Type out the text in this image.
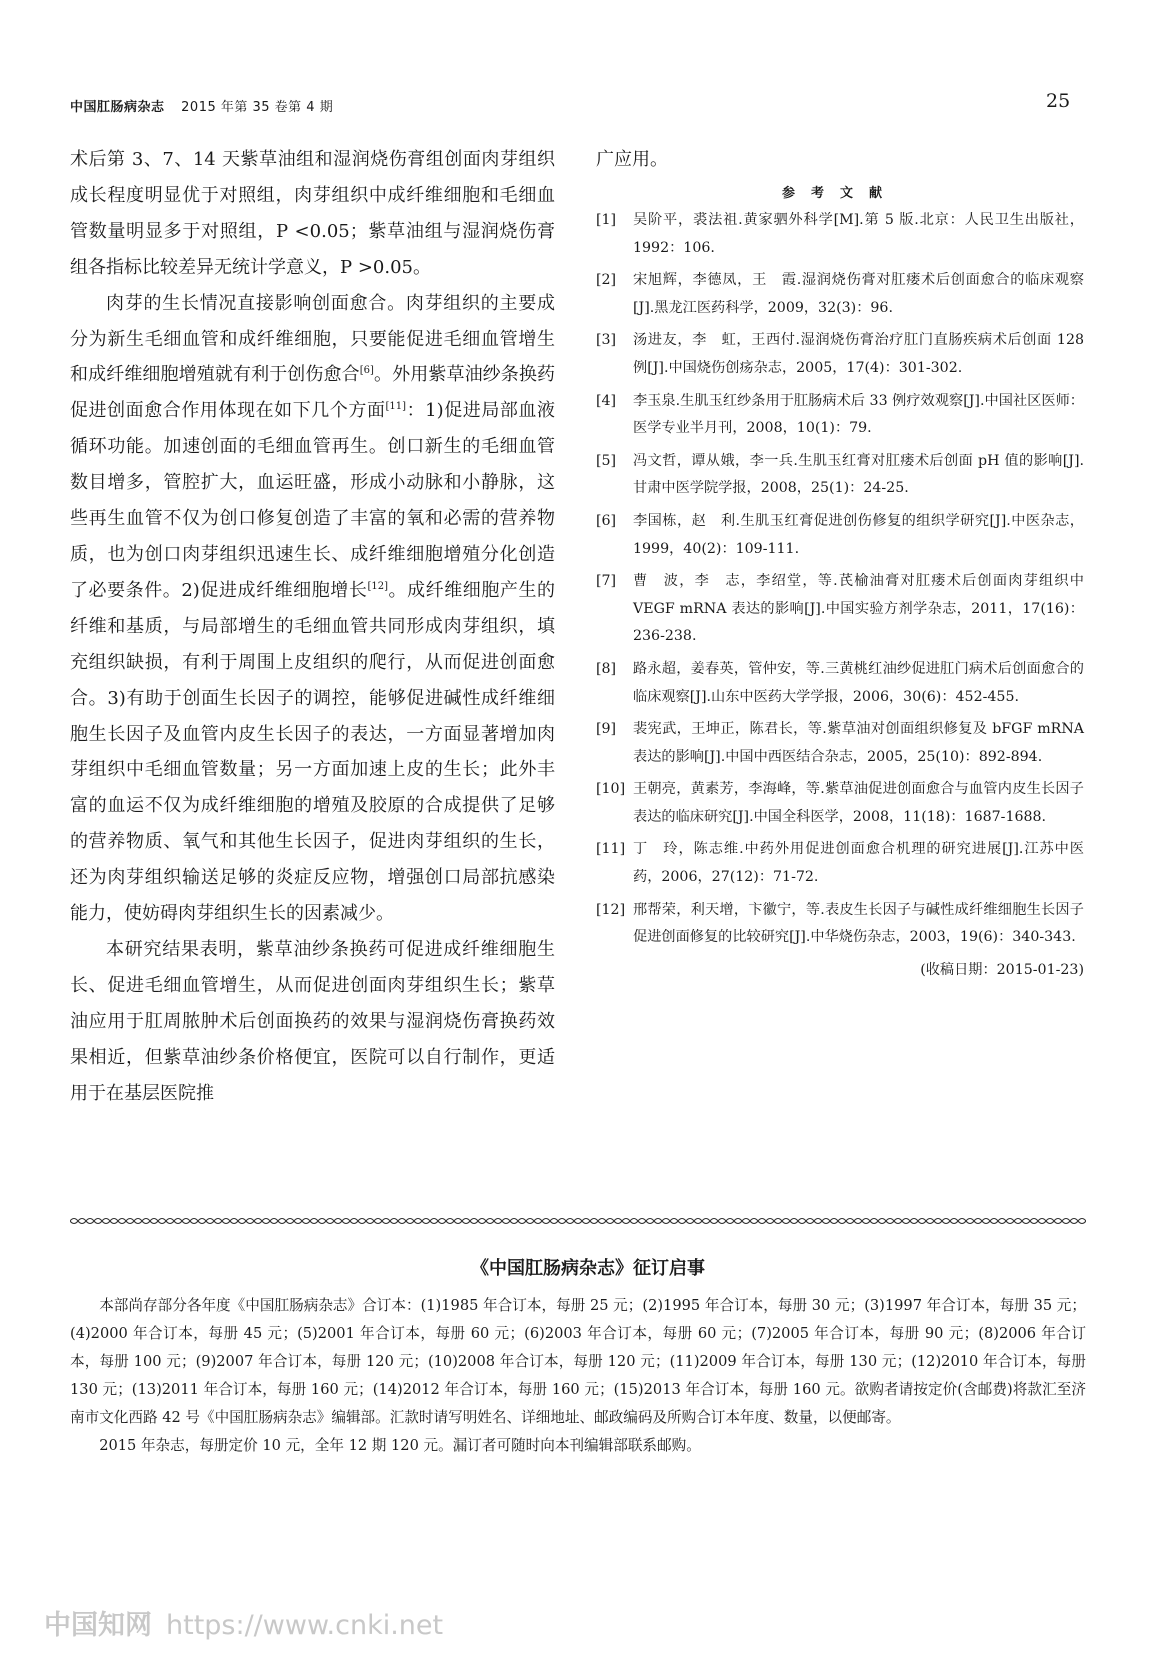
中国肛肠病杂志 2015 年第 35 卷第 4 期	25

术后第 3、7、14 天紫草油组和湿润烧伤膏组创面肉芽组织成长程度明显优于对照组，肉芽组织中成纤维细胞和毛细血管数量明显多于对照组，P <0.05；紫草油组与湿润烧伤膏组各指标比较差异无统计学意义，P >0.05。

肉芽的生长情况直接影响创面愈合。肉芽组织的主要成分为新生毛细血管和成纤维细胞，只要能促进毛细血管增生和成纤维细胞增殖就有利于创伤愈合[6]。外用紫草油纱条换药促进创面愈合作用体现在如下几个方面[11]：1)促进局部血液循环功能。加速创面的毛细血管再生。创口新生的毛细血管数目增多，管腔扩大，血运旺盛，形成小动脉和小静脉，这些再生血管不仅为创口修复创造了丰富的氧和必需的营养物质，也为创口肉芽组织迅速生长、成纤维细胞增殖分化创造了必要条件。2)促进成纤维细胞增长[12]。成纤维细胞产生的纤维和基质，与局部增生的毛细血管共同形成肉芽组织，填充组织缺损，有利于周围上皮组织的爬行，从而促进创面愈合。3)有助于创面生长因子的调控，能够促进碱性成纤维细胞生长因子及血管内皮生长因子的表达，一方面显著增加肉芽组织中毛细血管数量；另一方面加速上皮的生长；此外丰富的血运不仅为成纤维细胞的增殖及胶原的合成提供了足够的营养物质、氧气和其他生长因子，促进肉芽组织的生长，还为肉芽组织输送足够的炎症反应物，增强创口局部抗感染能力，使妨碍肉芽组织生长的因素减少。

本研究结果表明，紫草油纱条换药可促进成纤维细胞生长、促进毛细血管增生，从而促进创面肉芽组织生长；紫草油应用于肛周脓肿术后创面换药的效果与湿润烧伤膏换药效果相近，但紫草油纱条价格便宜，医院可以自行制作，更适用于在基层医院推

广应用。
参考文献
[1]	吴阶平，裘法祖.黄家驷外科学[M].第 5 版.北京：人民卫生出版社，1992：106.
[2]	宋旭辉，李德凤，王　霞.湿润烧伤膏对肛瘘术后创面愈合的临床观察[J].黑龙江医药科学，2009，32(3)：96.
[3]	汤进友，李　虹，王西付.湿润烧伤膏治疗肛门直肠疾病术后创面 128 例[J].中国烧伤创疡杂志，2005，17(4)：301-302.
[4]	李玉泉.生肌玉红纱条用于肛肠病术后 33 例疗效观察[J].中国社区医师：医学专业半月刊，2008，10(1)：79.
[5]	冯文哲，谭从娥，李一兵.生肌玉红膏对肛瘘术后创面 pH 值的影响[J].甘肃中医学院学报，2008，25(1)：24-25.
[6]	李国栋，赵　利.生肌玉红膏促进创伤修复的组织学研究[J].中医杂志，1999，40(2)：109-111.
[7]	曹　波，李　志，李绍堂，等.芪榆油膏对肛瘘术后创面肉芽组织中 VEGF mRNA 表达的影响[J].中国实验方剂学杂志，2011，17(16)：236-238.
[8]	路永超，姜春英，管仲安，等.三黄桃红油纱促进肛门病术后创面愈合的临床观察[J].山东中医药大学学报，2006，30(6)：452-455.
[9]	裴宪武，王坤正，陈君长，等.紫草油对创面组织修复及 bFGF mRNA 表达的影响[J].中国中西医结合杂志，2005，25(10)：892-894.
[10] 王朝亮，黄素芳，李海峰，等.紫草油促进创面愈合与血管内皮生长因子表达的临床研究[J].中国全科医学，2008，11(18)：1687-1688.
[11] 丁　玲，陈志维.中药外用促进创面愈合机理的研究进展[J].江苏中医药，2006，27(12)：71-72.
[12] 邢帮荣，利天增，卞徽宁，等.表皮生长因子与碱性成纤维细胞生长因子促进创面修复的比较研究[J].中华烧伤杂志，2003，19(6)：340-343.
(收稿日期：2015-01-23)
《中国肛肠病杂志》征订启事

本部尚存部分各年度《中国肛肠病杂志》合订本：(1)1985 年合订本，每册 25 元；(2)1995 年合订本，每册 30 元；(3)1997 年合订本，每册 35 元；(4)2000 年合订本，每册 45 元；(5)2001 年合订本，每册 60 元；(6)2003 年合订本，每册 60 元；(7)2005 年合订本，每册 90 元；(8)2006 年合订本，每册 100 元；(9)2007 年合订本，每册 120 元；(10)2008 年合订本，每册 120 元；(11)2009 年合订本，每册 130 元；(12)2010 年合订本，每册 130 元；(13)2011 年合订本，每册 160 元；(14)2012 年合订本，每册 160 元；(15)2013 年合订本，每册 160 元。欲购者请按定价(含邮费)将款汇至济南市文化西路 42 号《中国肛肠病杂志》编辑部。汇款时请写明姓名、详细地址、邮政编码及所购合订本年度、数量，以便邮寄。

2015 年杂志，每册定价 10 元，全年 12 期 120 元。漏订者可随时向本刊编辑部联系邮购。

中国知网 https://www.cnki.net
